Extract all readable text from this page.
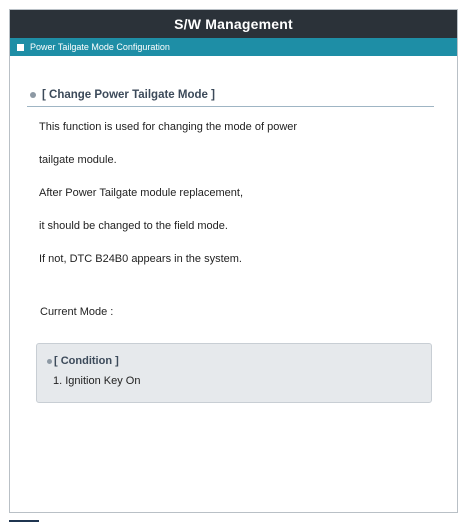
S/W Management
Power Tailgate Mode Configuration
[ Change Power Tailgate Mode ]
This function is used for changing the mode of power
tailgate module.
After Power Tailgate module replacement,
it should be changed to the field mode.
If not, DTC B24B0 appears in the system.
Current Mode :
[ Condition ]
1. Ignition Key On
